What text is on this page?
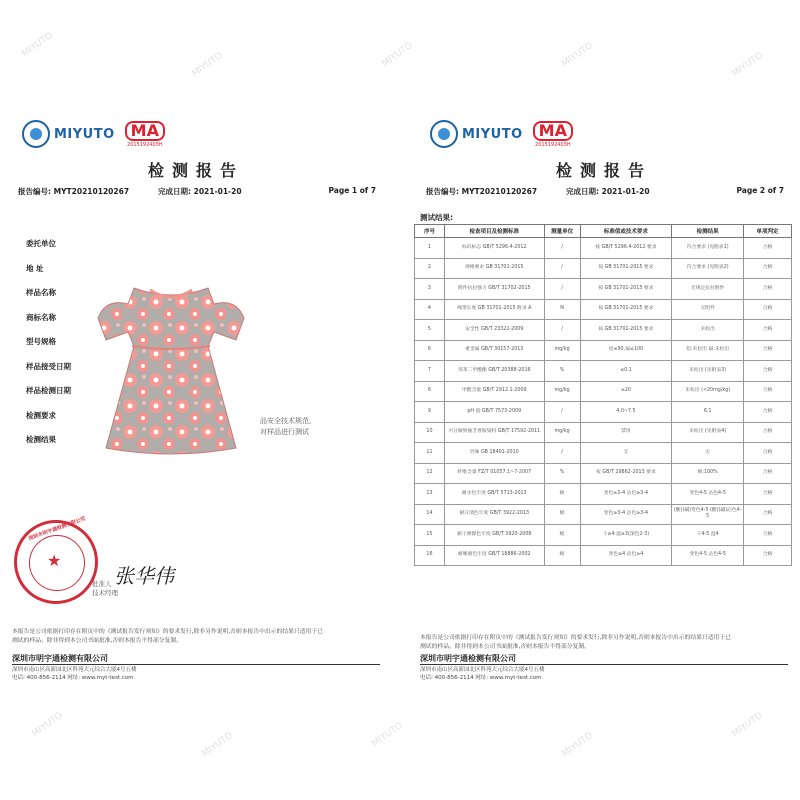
MIYUTO
MIYUTO	MIYUTO	MIYUTO	MIYUTO
MIYUTO
MIYUTO	MIYUTO	MIYUTO
MIYUTO
MIYUTO	MA
2015192403H
检测报告
报告编号: MYT20210120267	完成日期: 2021-01-20	Page 1 of 7
委托单位
地 址
样品名称
商标名称
型号规格
样品接受日期
样品检测日期
检测要求
检测结果
品安全技术规范,
对样品进行测试
★
深圳市明宇通检测有限公司
张华伟
批准人
技术经理
本报告是公司依据打印存在附页中的《测试报告发行须知》的要求发行,除非另作说明,否则本报告中出示的结果只适用于已
测试的样品。除非得到本公司书面批准,否则本报告不得部分复制。
深圳市明宇通检测有限公司
深圳市南山区高新园北区科苑大元综合大厦4号五楼
电话: 400-856-2114 网址: www.myt-test.com
MIYUTO	MA
2015192403H
检测报告
报告编号: MYT20210120267	完成日期: 2021-01-20	Page 2 of 7
测试结果:
序号	检查项目及检测标准	测量单位	标准值或技术要求	检测结果	单项判定
1	标识标志 GB/T 5296.4-2012	/	按 GB/T 5296.4-2012 要求	符合要求 (见附表1)	合格
2	规格要求 GB 31701-2015	/	按 GB 31701-2015 要求	符合要求 (见附表2)	合格
3	附件抗拉强力 GB/T 31702-2015	/	按 GB 31701-2015 要求	无规定抗拉附件	合格
4	绳带长度 GB 31701-2015 附录 A	N	按 GB 31701-2015 要求	无附件	合格
5	安全性 GB/T 23322-2009	/	按 GB 31701-2015 要求	未检出	合格
6	重金属 GB/T 30157-2013	mg/kg	铅≤90,镉≤100	铅:未检出 镉:未检出	合格
7	邻苯二甲酸酯 GB/T 20388-2016	%	≤0.1	未检出 (见附表3)	合格
8	甲醛含量 GB/T 2912.1-2009	mg/kg	≤20	未检出 (<20mg/kg)	合格
9	pH 值 GB/T 7573-2009	/	4.0~7.5	6.1	合格
10	可分解致癌芳香胺染料 GB/T 17592-2011	mg/kg	禁用	未检出 (见附表4)	合格
11	异味 GB 18401-2010	/	无	无	合格
12	纤维含量 FZ/T 01057.1~7-2007	%	按 GB/T 29862-2013 要求	棉:100%	合格
13	耐水色牢度 GB/T 5713-2013	级	变色≥3-4 沾色≥3-4	变色4-5 沾色4-5	合格
14	耐汗渍色牢度 GB/T 3922-2013	级	变色≥3-4 沾色≥3-4	(酸)(碱)变色4-5 (酸)(碱)沾色4-5	合格
15	耐干摩擦色牢度 GB/T 3920-2008	级	干≥4 湿≥3(深色2-3)	干4-5 湿4	合格
16	耐唾液色牢度 GB/T 18886-2002	级	变色≥4 沾色≥4	变色4-5 沾色4-5	合格
本报告是公司依据打印存在附页中的《测试报告发行须知》的要求发行,除非另作说明,否则本报告中出示的结果只适用于已
测试的样品。除非得到本公司书面批准,否则本报告不得部分复制。
深圳市明宇通检测有限公司
深圳市南山区高新园北区科苑大元综合大厦4号五楼
电话: 400-856-2114 网址: www.myt-test.com
